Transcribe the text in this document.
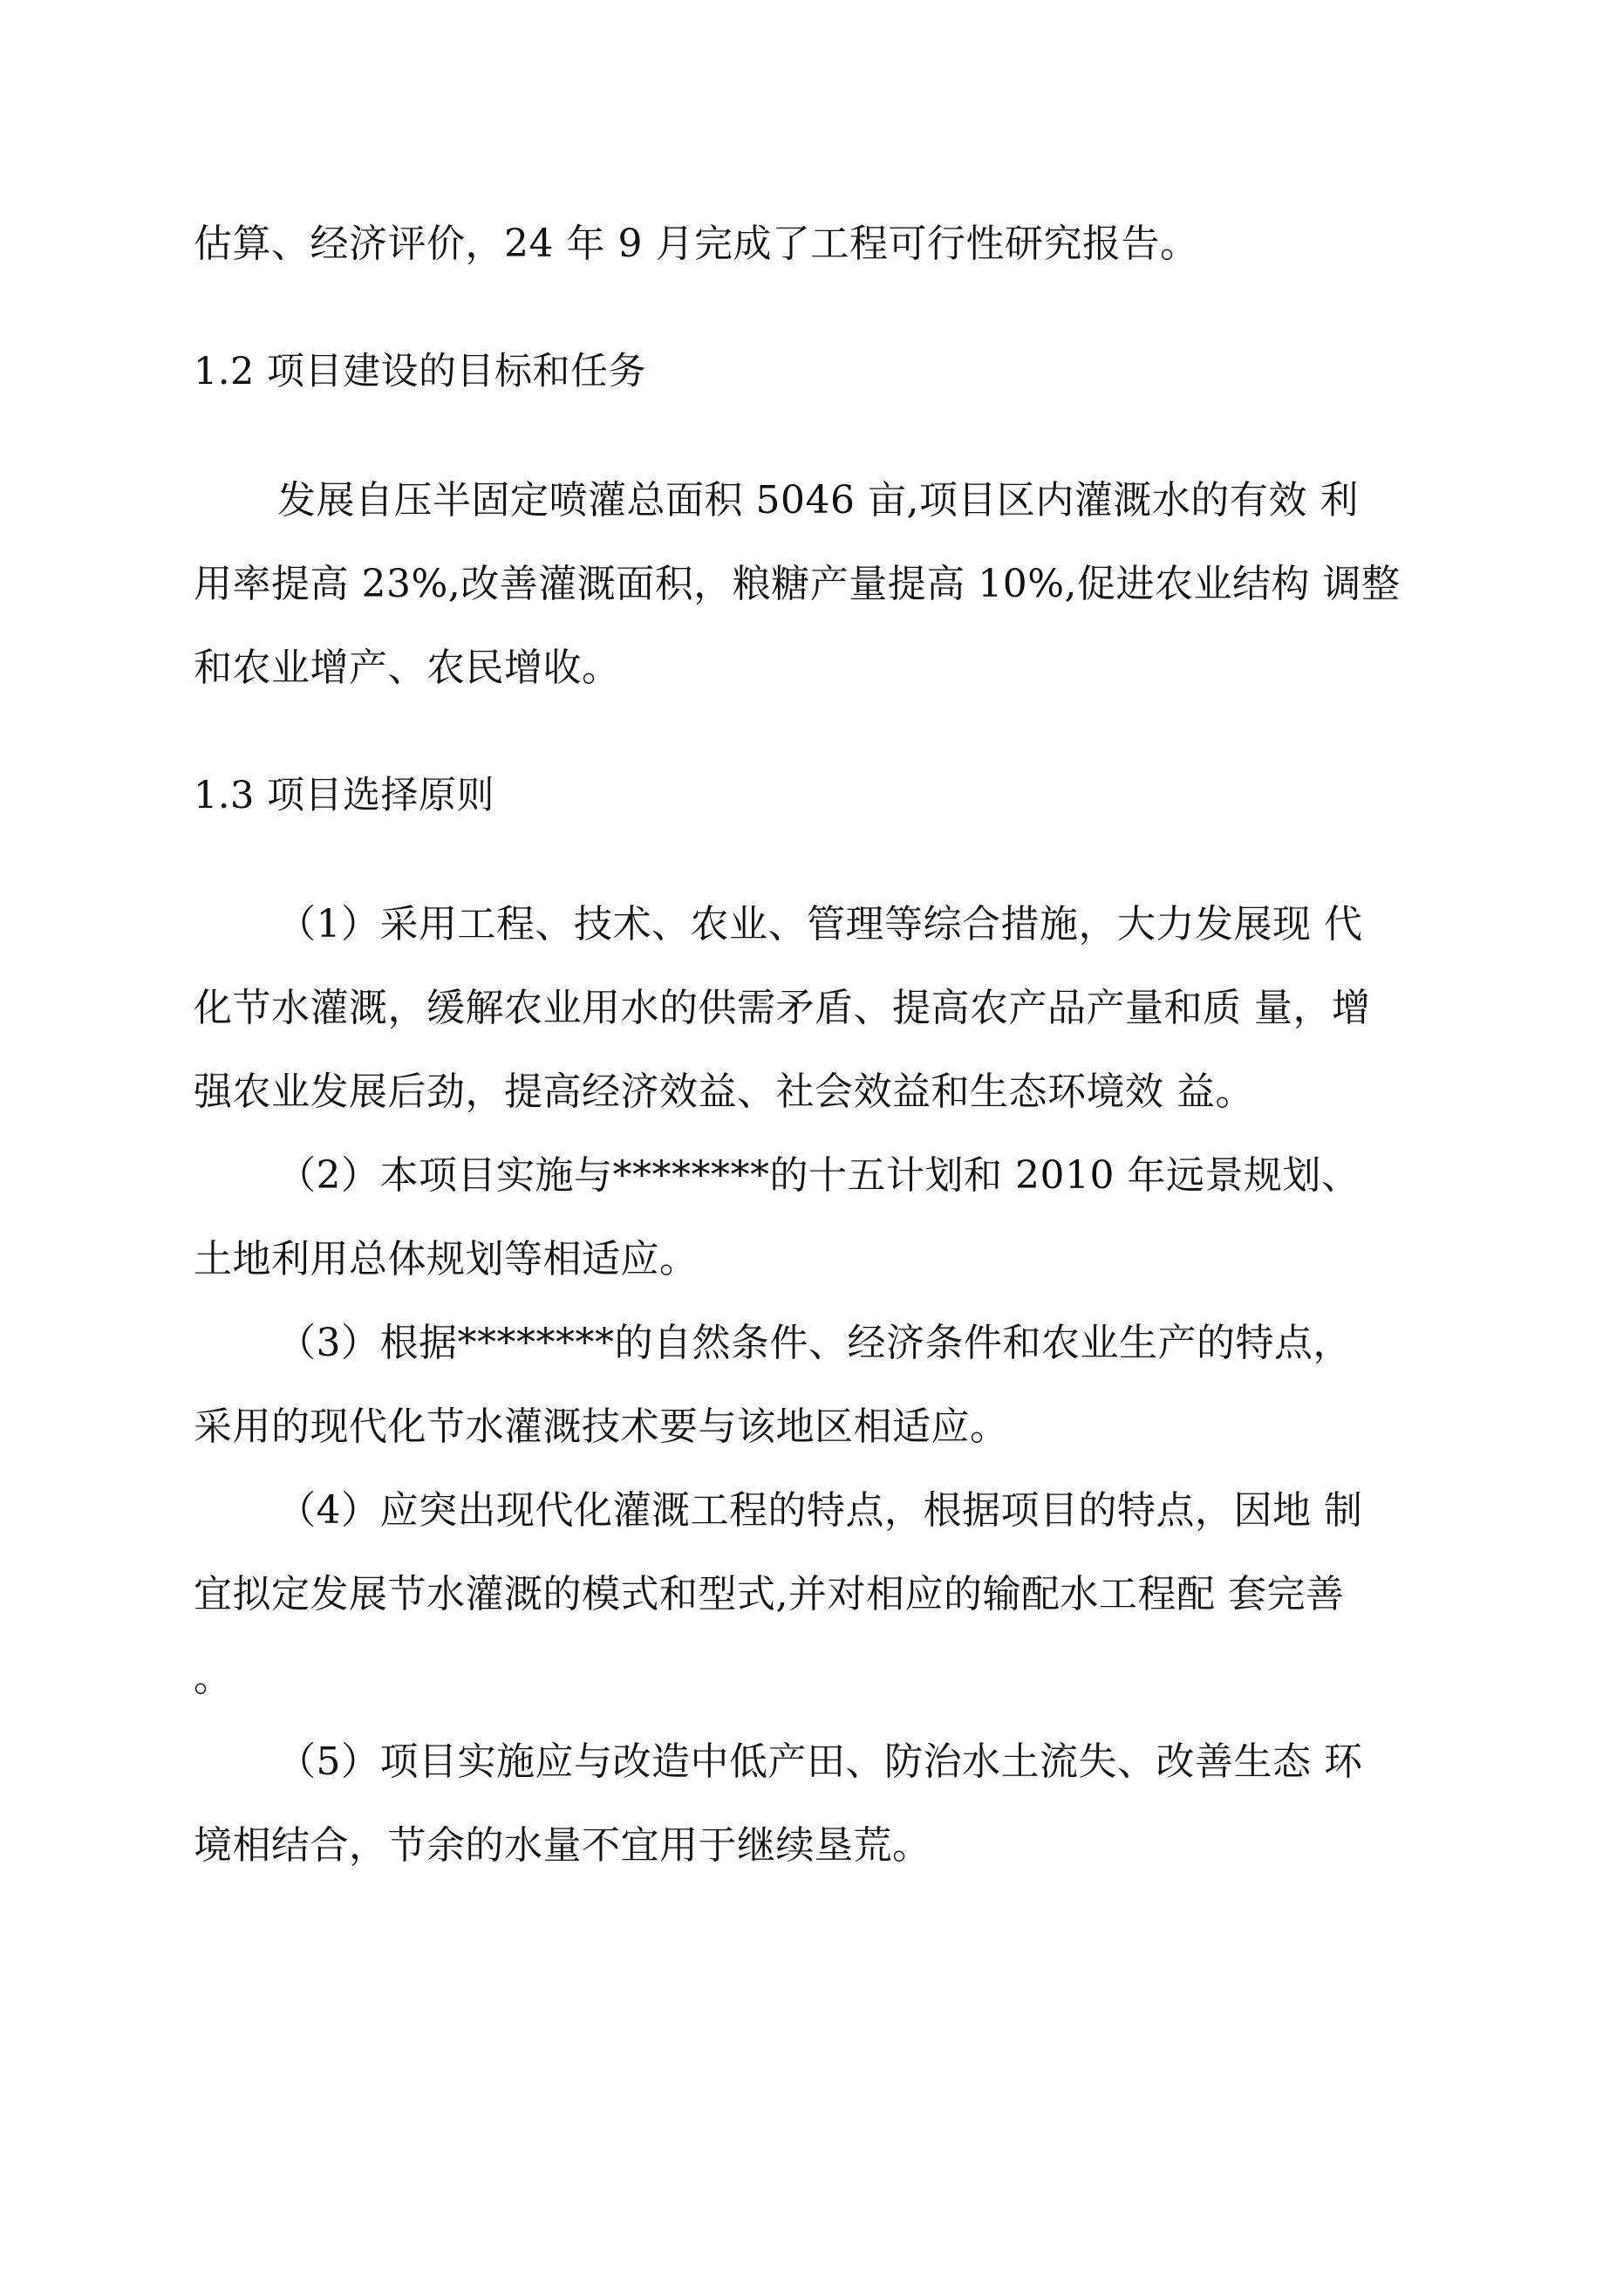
估算、经济评价，24 年 9 月完成了工程可行性研究报告。

1.2 项目建设的目标和任务

发展自压半固定喷灌总面积 5046 亩,项目区内灌溉水的有效 利

用率提高 23%,改善灌溉面积，粮糖产量提高 10%,促进农业结构 调整

和农业增产、农民增收。

1.3 项目选择原则

（1）采用工程、技术、农业、管理等综合措施，大力发展现 代

化节水灌溉，缓解农业用水的供需矛盾、提高农产品产量和质 量，增

强农业发展后劲，提高经济效益、社会效益和生态环境效 益。

（2）本项目实施与********的十五计划和 2010 年远景规划、

土地利用总体规划等相适应。

（3）根据********的自然条件、经济条件和农业生产的特点，

采用的现代化节水灌溉技术要与该地区相适应。

（4）应突出现代化灌溉工程的特点，根据项目的特点，因地 制

宜拟定发展节水灌溉的模式和型式,并对相应的输配水工程配 套完善

。

（5）项目实施应与改造中低产田、防治水土流失、改善生态 环

境相结合，节余的水量不宜用于继续垦荒。
